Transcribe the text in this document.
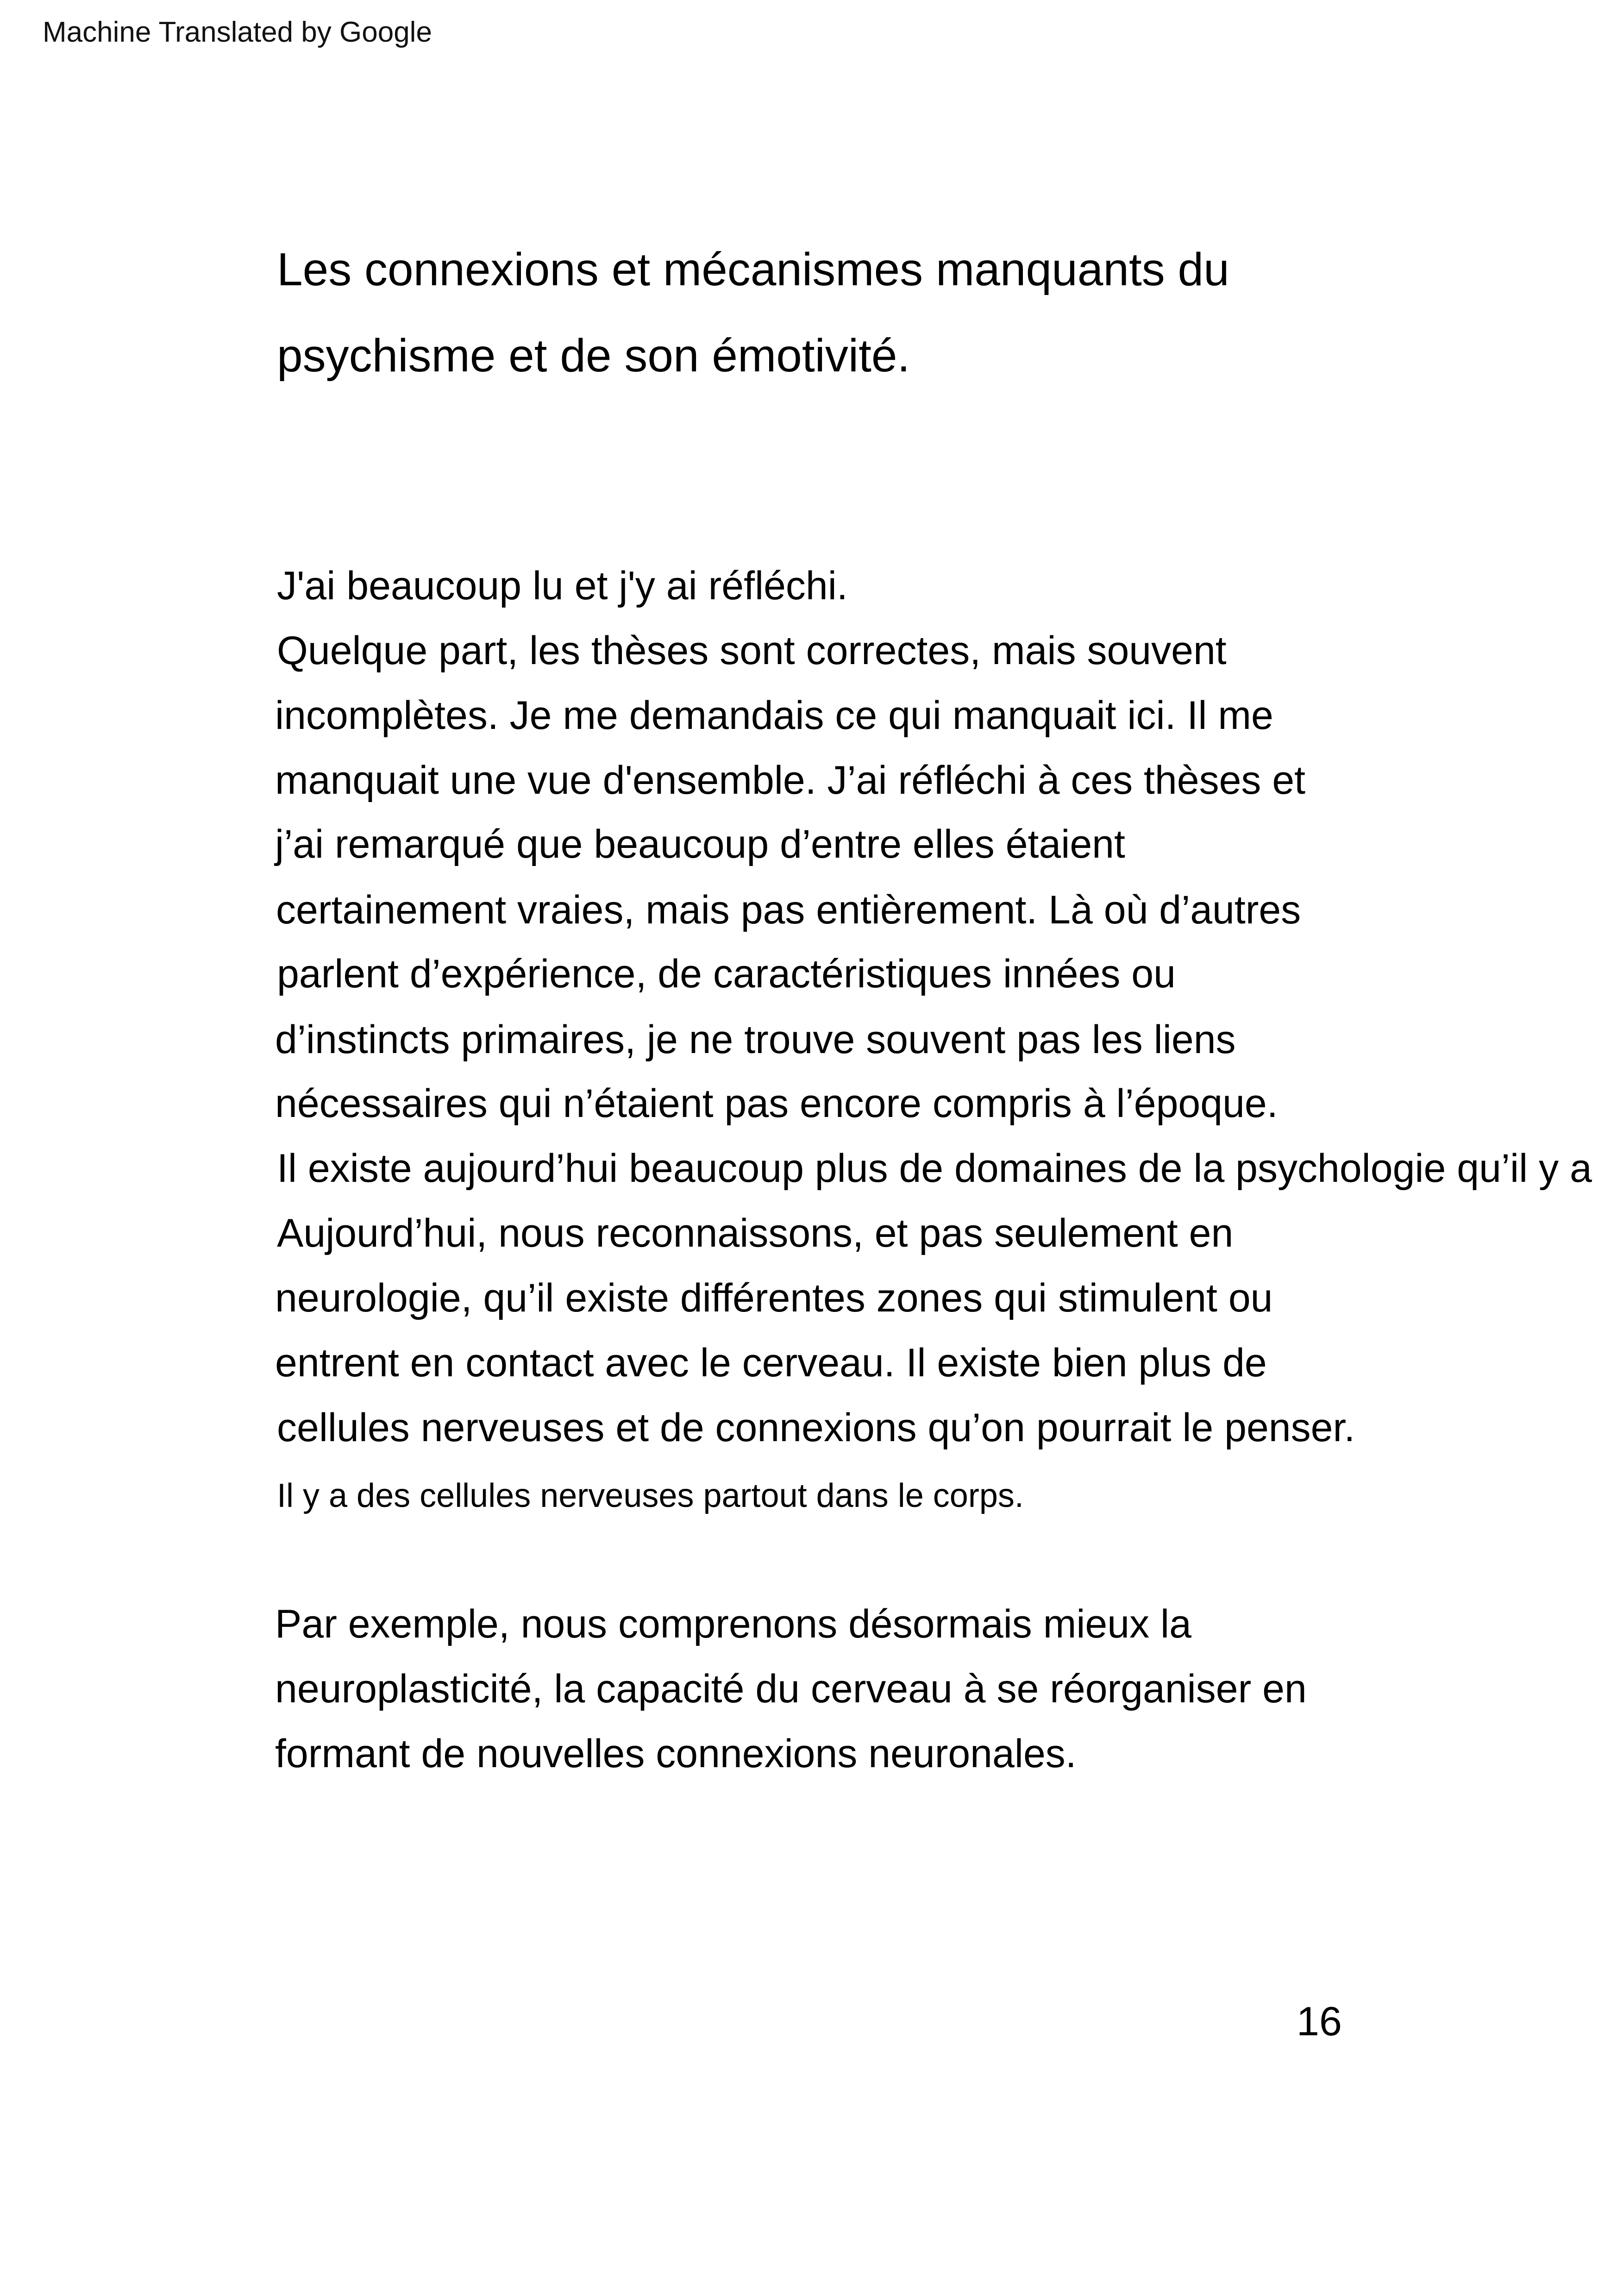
Machine Translated by Google
Les connexions et mécanismes manquants du
psychisme et de son émotivité.
J'ai beaucoup lu et j'y ai réfléchi.
Quelque part, les thèses sont correctes, mais souvent
incomplètes. Je me demandais ce qui manquait ici. Il me
manquait une vue d'ensemble. J’ai réfléchi à ces thèses et
j’ai remarqué que beaucoup d’entre elles étaient
certainement vraies, mais pas entièrement. Là où d’autres
parlent d’expérience, de caractéristiques innées ou
d’instincts primaires, je ne trouve souvent pas les liens
nécessaires qui n’étaient pas encore compris à l’époque.
Il existe aujourd’hui beaucoup plus de domaines de la psychologie qu’il y a
Aujourd’hui, nous reconnaissons, et pas seulement en
neurologie, qu’il existe différentes zones qui stimulent ou
entrent en contact avec le cerveau. Il existe bien plus de
cellules nerveuses et de connexions qu’on pourrait le penser.
Il y a des cellules nerveuses partout dans le corps.
Par exemple, nous comprenons désormais mieux la
neuroplasticité, la capacité du cerveau à se réorganiser en
formant de nouvelles connexions neuronales.
16
